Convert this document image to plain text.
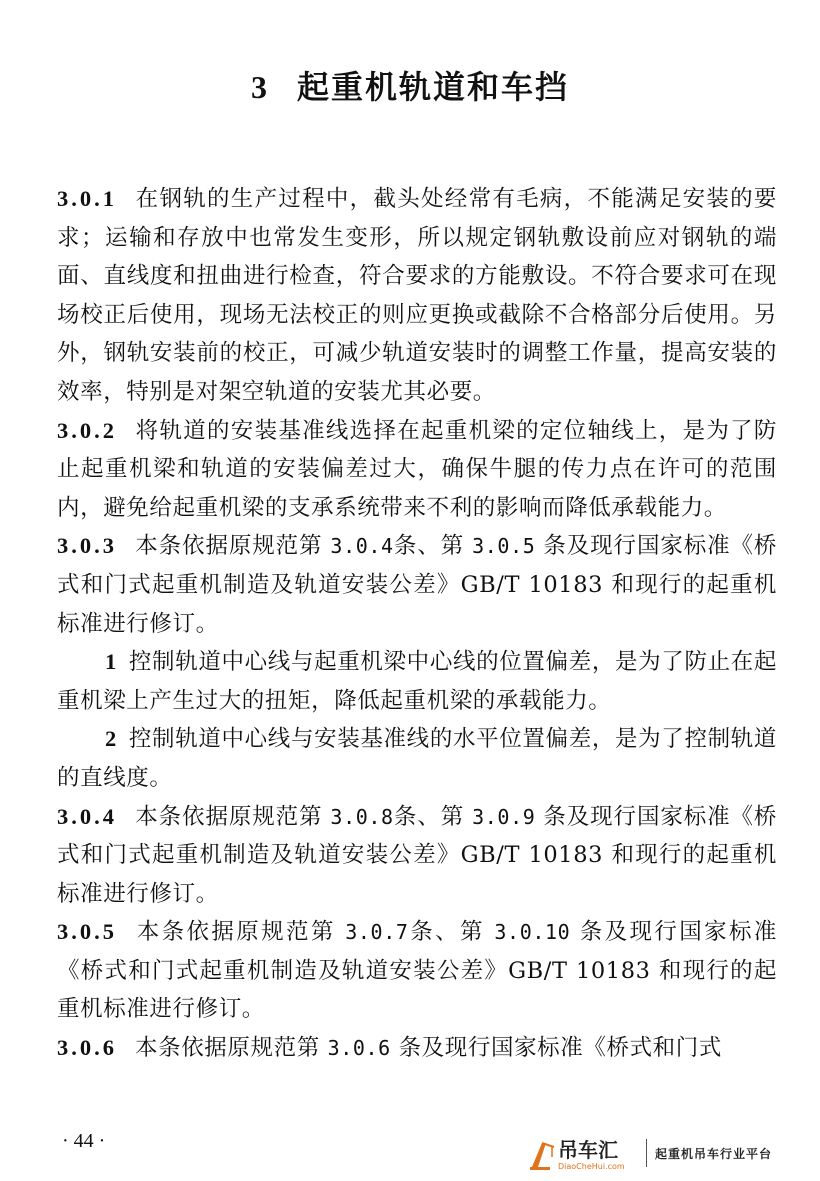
3 起重机轨道和车挡

3.0.1 在钢轨的生产过程中，截头处经常有毛病，不能满足安装的要求；运输和存放中也常发生变形，所以规定钢轨敷设前应对钢轨的端面、直线度和扭曲进行检查，符合要求的方能敷设。不符合要求可在现场校正后使用，现场无法校正的则应更换或截除不合格部分后使用。另外，钢轨安装前的校正，可减少轨道安装时的调整工作量，提高安装的效率，特别是对架空轨道的安装尤其必要。

3.0.2 将轨道的安装基准线选择在起重机梁的定位轴线上，是为了防止起重机梁和轨道的安装偏差过大，确保牛腿的传力点在许可的范围内，避免给起重机梁的支承系统带来不利的影响而降低承载能力。

3.0.3 本条依据原规范第 3.0.4条、第 3.0.5 条及现行国家标准《桥式和门式起重机制造及轨道安装公差》GB/T 10183 和现行的起重机标准进行修订。

1 控制轨道中心线与起重机梁中心线的位置偏差，是为了防止在起重机梁上产生过大的扭矩，降低起重机梁的承载能力。

2 控制轨道中心线与安装基准线的水平位置偏差，是为了控制轨道的直线度。

3.0.4 本条依据原规范第 3.0.8条、第 3.0.9 条及现行国家标准《桥式和门式起重机制造及轨道安装公差》GB/T 10183 和现行的起重机标准进行修订。

3.0.5 本条依据原规范第 3.0.7条、第 3.0.10 条及现行国家标准《桥式和门式起重机制造及轨道安装公差》GB/T 10183 和现行的起重机标准进行修订。

3.0.6 本条依据原规范第 3.0.6 条及现行国家标准《桥式和门式

· 44 ·	吊车汇
DiaoCheHui.com
起重机吊车行业平台
